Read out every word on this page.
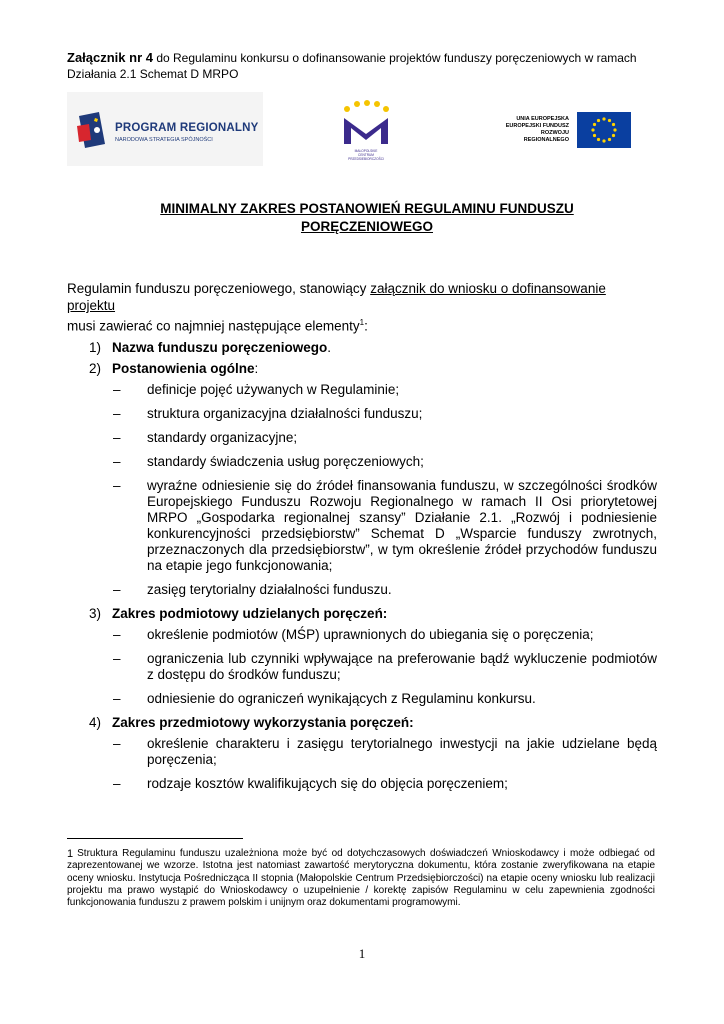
Załącznik nr 4 do Regulaminu konkursu o dofinansowanie projektów funduszy poręczeniowych w ramach Działania 2.1 Schemat D MRPO
PROGRAM REGIONALNY
NARODOWA STRATEGIA SPÓJNOŚCI
MAŁOPOLSKIE
CENTRUM
PRZEDSIĘBIORCZOŚCI
UNIA EUROPEJSKA
EUROPEJSKI FUNDUSZ
ROZWOJU REGIONALNEGO
MINIMALNY ZAKRES POSTANOWIEŃ REGULAMINU FUNDUSZU
PORĘCZENIOWEGO
Regulamin funduszu poręczeniowego, stanowiący załącznik do wniosku o dofinansowanie projektu
musi zawierać co najmniej następujące elementy$^1$:
1) Nazwa funduszu poręczeniowego.
2) Postanowienia ogólne:
– definicje pojęć używanych w Regulaminie;
– struktura organizacyjna działalności funduszu;
– standardy organizacyjne;
– standardy świadczenia usług poręczeniowych;
– wyraźne odniesienie się do źródeł finansowania funduszu, w szczególności środków Europejskiego Funduszu Rozwoju Regionalnego w ramach II Osi priorytetowej MRPO „Gospodarka regionalnej szansy” Działanie 2.1. „Rozwój i podniesienie konkurencyjności przedsiębiorstw” Schemat D „Wsparcie funduszy zwrotnych, przeznaczonych dla przedsiębiorstw”, w tym określenie źródeł przychodów funduszu na etapie jego funkcjonowania;
– zasięg terytorialny działalności funduszu.
3) Zakres podmiotowy udzielanych poręczeń:
– określenie podmiotów (MŚP) uprawnionych do ubiegania się o poręczenia;
– ograniczenia lub czynniki wpływające na preferowanie bądź wykluczenie podmiotów z dostępu do środków funduszu;
– odniesienie do ograniczeń wynikających z Regulaminu konkursu.
4) Zakres przedmiotowy wykorzystania poręczeń:
– określenie charakteru i zasięgu terytorialnego inwestycji na jakie udzielane będą poręczenia;
– rodzaje kosztów kwalifikujących się do objęcia poręczeniem;
$^1$ Struktura Regulaminu funduszu uzależniona może być od dotychczasowych doświadczeń Wnioskodawcy i może odbiegać od zaprezentowanej we wzorze. Istotna jest natomiast zawartość merytoryczna dokumentu, która zostanie zweryfikowana na etapie oceny wniosku. Instytucja Pośrednicząca II stopnia (Małopolskie Centrum Przedsiębiorczości) na etapie oceny wniosku lub realizacji projektu ma prawo wystąpić do Wnioskodawcy o uzupełnienie / korektę zapisów Regulaminu w celu zapewnienia zgodności funkcjonowania funduszu z prawem polskim i unijnym oraz dokumentami programowymi.
1
